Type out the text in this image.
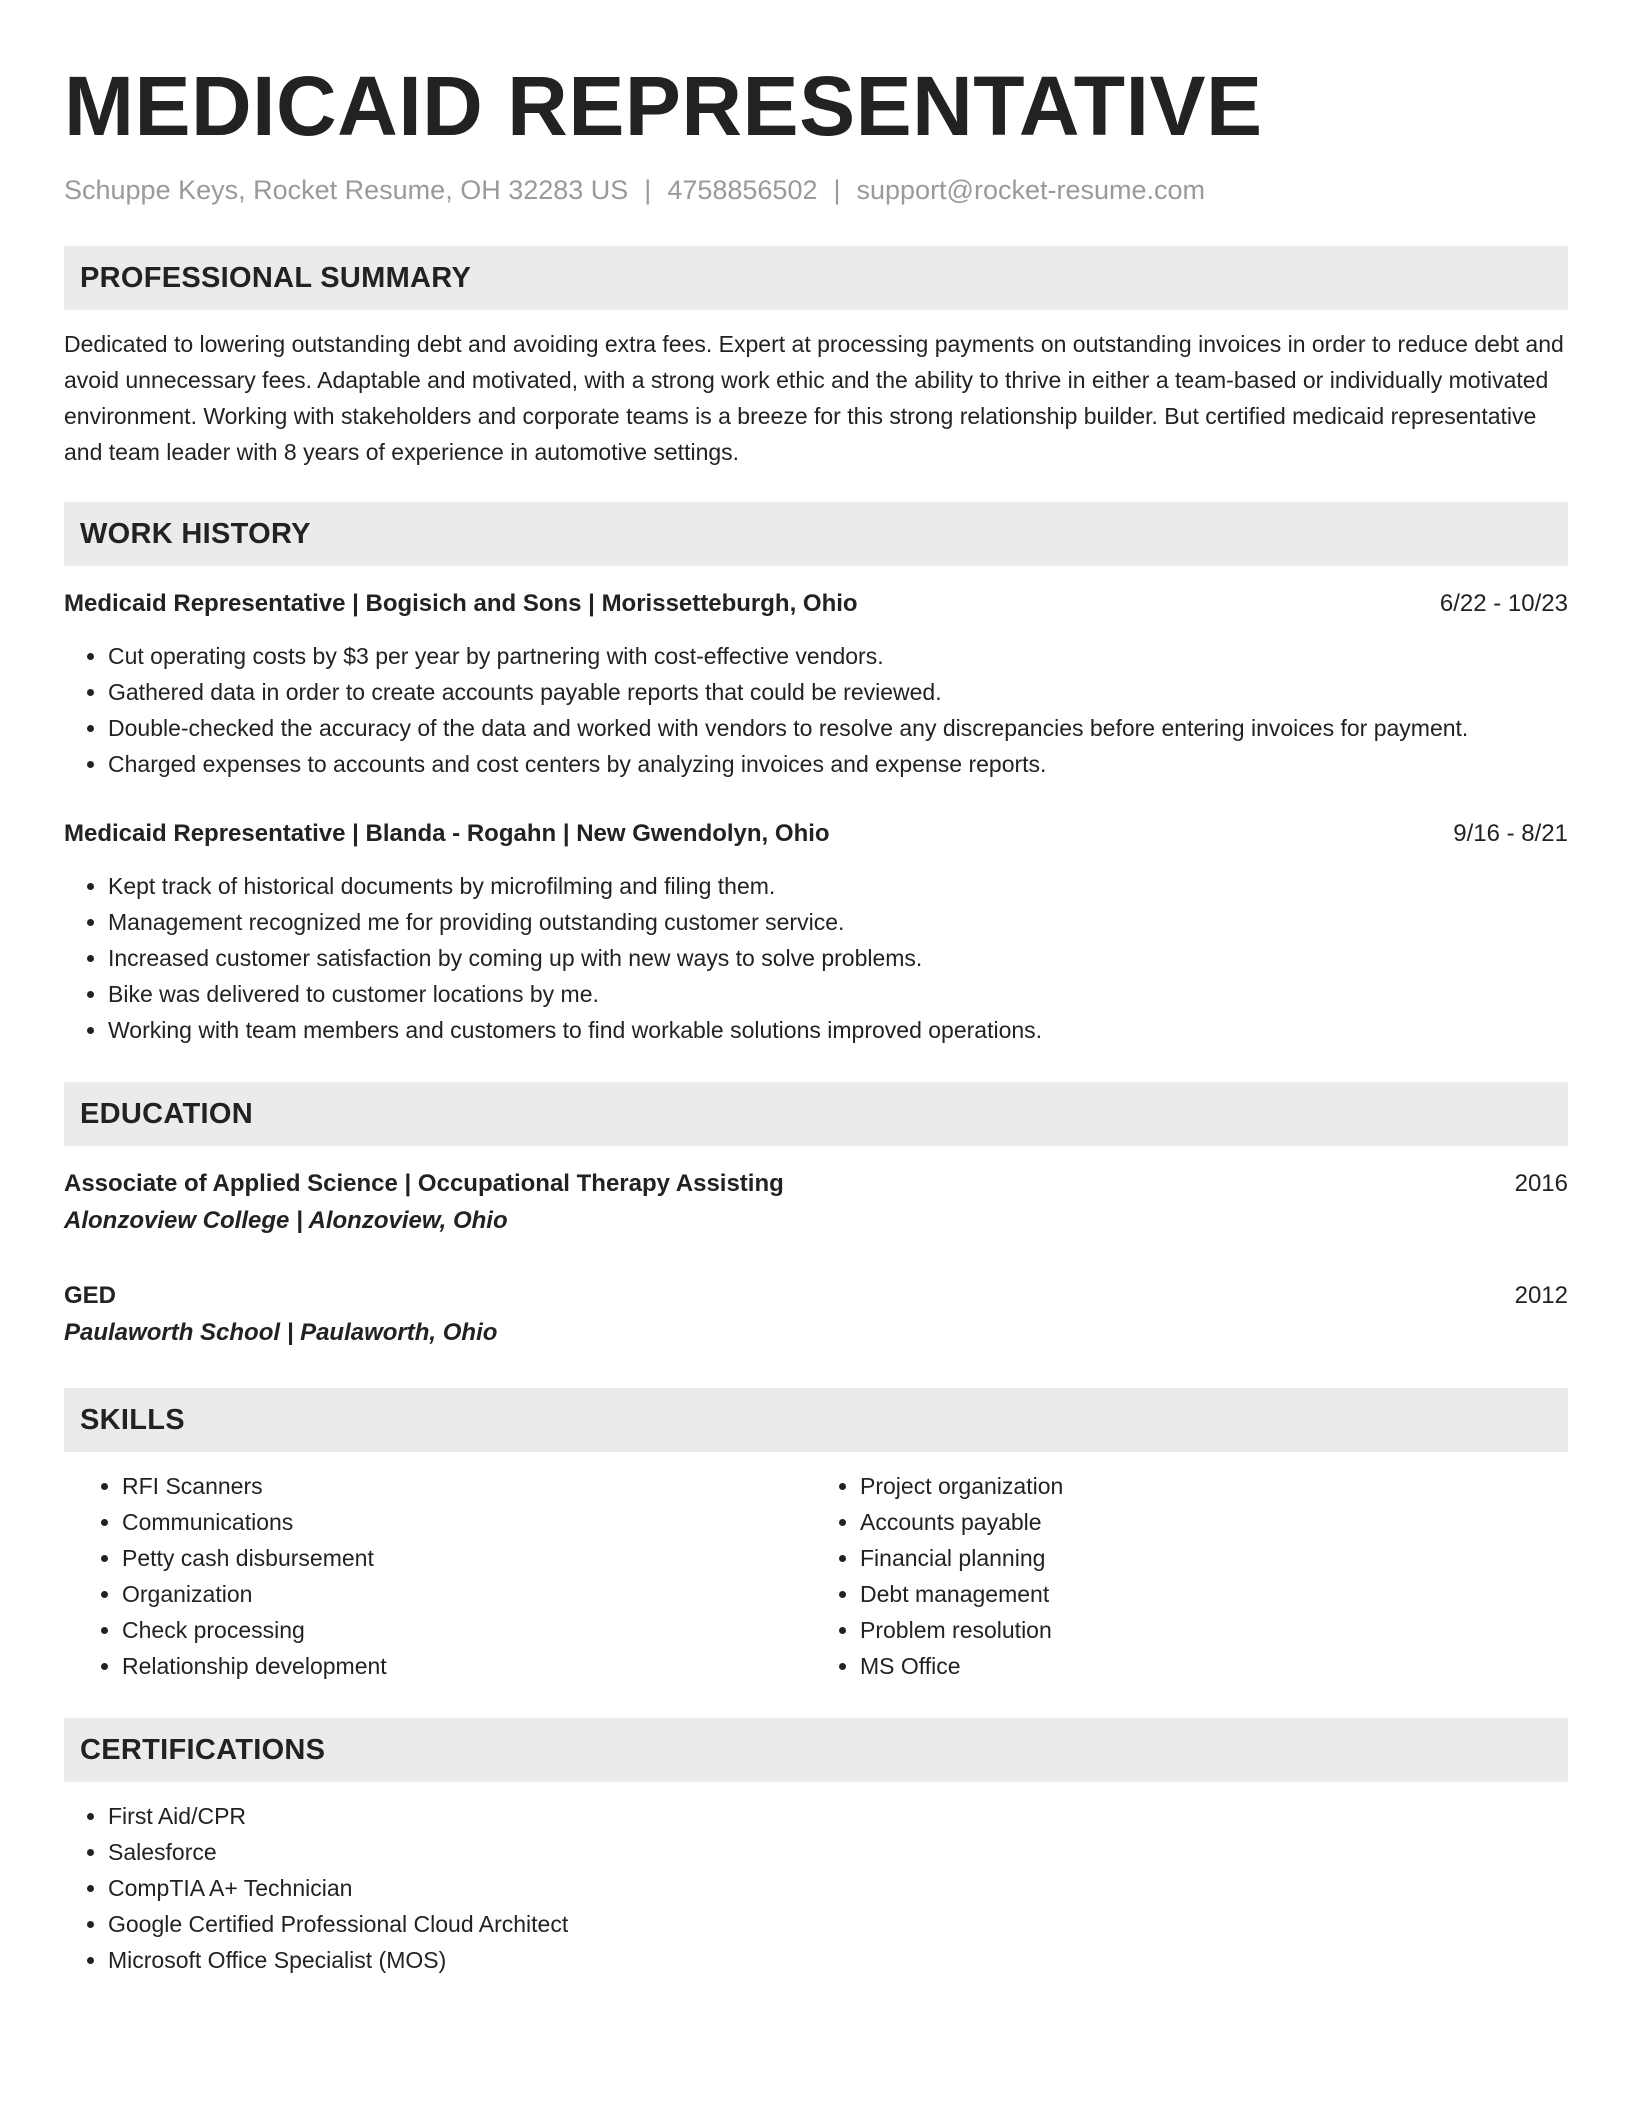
MEDICAID REPRESENTATIVE
Schuppe Keys, Rocket Resume, OH 32283 US | 4758856502 | support@rocket-resume.com
PROFESSIONAL SUMMARY

Dedicated to lowering outstanding debt and avoiding extra fees. Expert at processing payments on outstanding invoices in order to reduce debt and avoid unnecessary fees. Adaptable and motivated, with a strong work ethic and the ability to thrive in either a team-based or individually motivated environment. Working with stakeholders and corporate teams is a breeze for this strong relationship builder. But certified medicaid representative and team leader with 8 years of experience in automotive settings.

WORK HISTORY
Medicaid Representative | Bogisich and Sons | Morissetteburgh, Ohio	6/22 - 10/23
• Cut operating costs by $3 per year by partnering with cost-effective vendors.
• Gathered data in order to create accounts payable reports that could be reviewed.
• Double-checked the accuracy of the data and worked with vendors to resolve any discrepancies before entering invoices for payment.
• Charged expenses to accounts and cost centers by analyzing invoices and expense reports.
Medicaid Representative | Blanda - Rogahn | New Gwendolyn, Ohio	9/16 - 8/21
• Kept track of historical documents by microfilming and filing them.
• Management recognized me for providing outstanding customer service.
• Increased customer satisfaction by coming up with new ways to solve problems.
• Bike was delivered to customer locations by me.
• Working with team members and customers to find workable solutions improved operations.
EDUCATION
Associate of Applied Science | Occupational Therapy Assisting	2016
Alonzoview College | Alonzoview, Ohio
GED	2012
Paulaworth School | Paulaworth, Ohio
SKILLS
• RFI Scanners
• Communications
• Petty cash disbursement
• Organization
• Check processing
• Relationship development
• Project organization
• Accounts payable
• Financial planning
• Debt management
• Problem resolution
• MS Office
CERTIFICATIONS
• First Aid/CPR
• Salesforce
• CompTIA A+ Technician
• Google Certified Professional Cloud Architect
• Microsoft Office Specialist (MOS)
